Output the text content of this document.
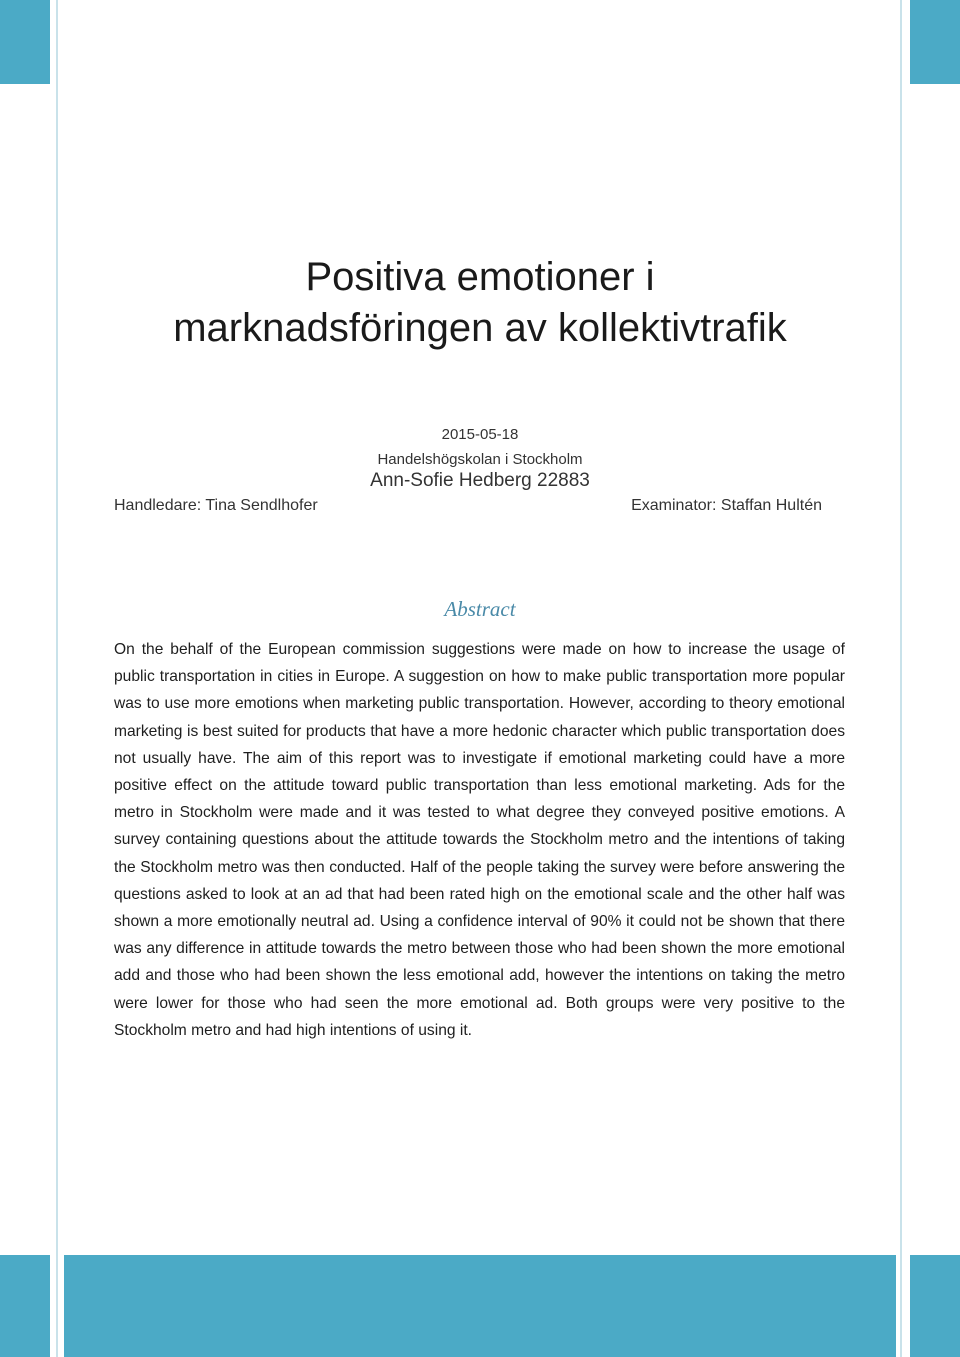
Positiva emotioner i
marknadsföringen av kollektivtrafik
2015-05-18
Handelshögskolan i Stockholm
Ann-Sofie Hedberg 22883
Handledare: Tina Sendlhofer	Examinator: Staffan Hultén
Abstract

On the behalf of the European commission suggestions were made on how to increase the usage of public transportation in cities in Europe. A suggestion on how to make public transportation more popular was to use more emotions when marketing public transportation. However, according to theory emotional marketing is best suited for products that have a more hedonic character which public transportation does not usually have. The aim of this report was to investigate if emotional marketing could have a more positive effect on the attitude toward public transportation than less emotional marketing. Ads for the metro in Stockholm were made and it was tested to what degree they conveyed positive emotions. A survey containing questions about the attitude towards the Stockholm metro and the intentions of taking the Stockholm metro was then conducted. Half of the people taking the survey were before answering the questions asked to look at an ad that had been rated high on the emotional scale and the other half was shown a more emotionally neutral ad. Using a confidence interval of 90% it could not be shown that there was any difference in attitude towards the metro between those who had been shown the more emotional add and those who had been shown the less emotional add, however the intentions on taking the metro were lower for those who had seen the more emotional ad. Both groups were very positive to the Stockholm metro and had high intentions of using it.
